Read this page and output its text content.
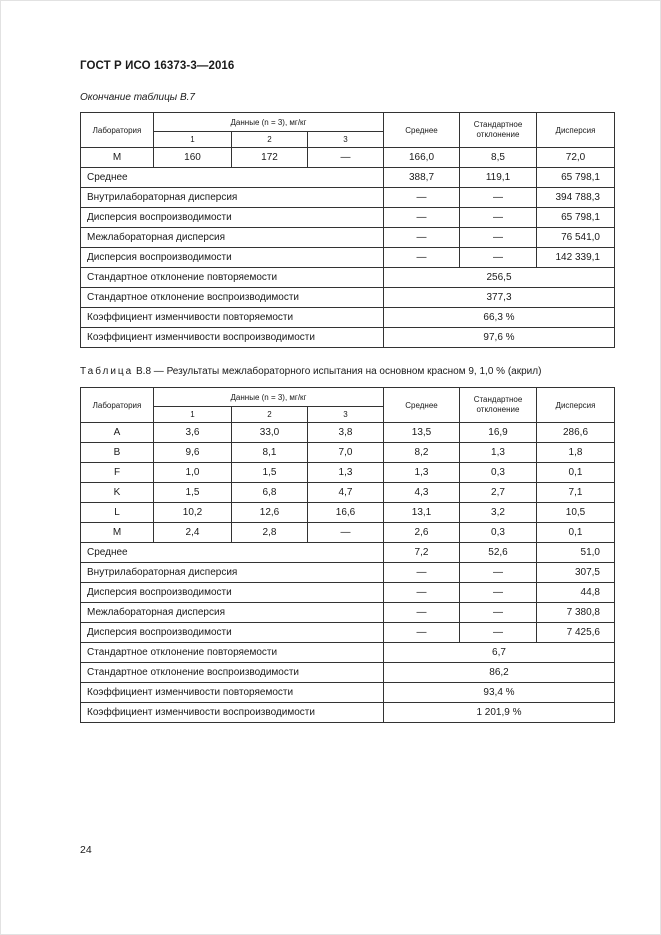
ГОСТ Р ИСО 16373-3—2016
Окончание таблицы В.7
Лаборатория	Данные (n = 3), мг/кг			Среднее	Стандартное отклонение	Дисперсия
	1	2	3			
M	160	172	—	166,0	8,5	72,0
Среднее				388,7	119,1	65 798,1
Внутрилабораторная дисперсия				—	—	394 788,3
Дисперсия воспроизводимости				—	—	65 798,1
Межлабораторная дисперсия				—	—	76 541,0
Дисперсия воспроизводимости				—	—	142 339,1
Стандартное отклонение повторяемости				256,5		
Стандартное отклонение воспроизводимости				377,3		
Коэффициент изменчивости повторяемости				66,3 %		
Коэффициент изменчивости воспроизводимости				97,6 %		
Таблица В.8 — Результаты межлабораторного испытания на основном красном 9, 1,0 % (акрил)
Лаборатория	Данные (n = 3), мг/кг			Среднее	Стандартное отклонение	Дисперсия
	1	2	3			
A	3,6	33,0	3,8	13,5	16,9	286,6
B	9,6	8,1	7,0	8,2	1,3	1,8
F	1,0	1,5	1,3	1,3	0,3	0,1
K	1,5	6,8	4,7	4,3	2,7	7,1
L	10,2	12,6	16,6	13,1	3,2	10,5
M	2,4	2,8	—	2,6	0,3	0,1
Среднее				7,2	52,6	51,0
Внутрилабораторная дисперсия				—	—	307,5
Дисперсия воспроизводимости				—	—	44,8
Межлабораторная дисперсия				—	—	7 380,8
Дисперсия воспроизводимости				—	—	7 425,6
Стандартное отклонение повторяемости				6,7		
Стандартное отклонение воспроизводимости				86,2		
Коэффициент изменчивости повторяемости				93,4 %		
Коэффициент изменчивости воспроизводимости				1 201,9 %		
24
